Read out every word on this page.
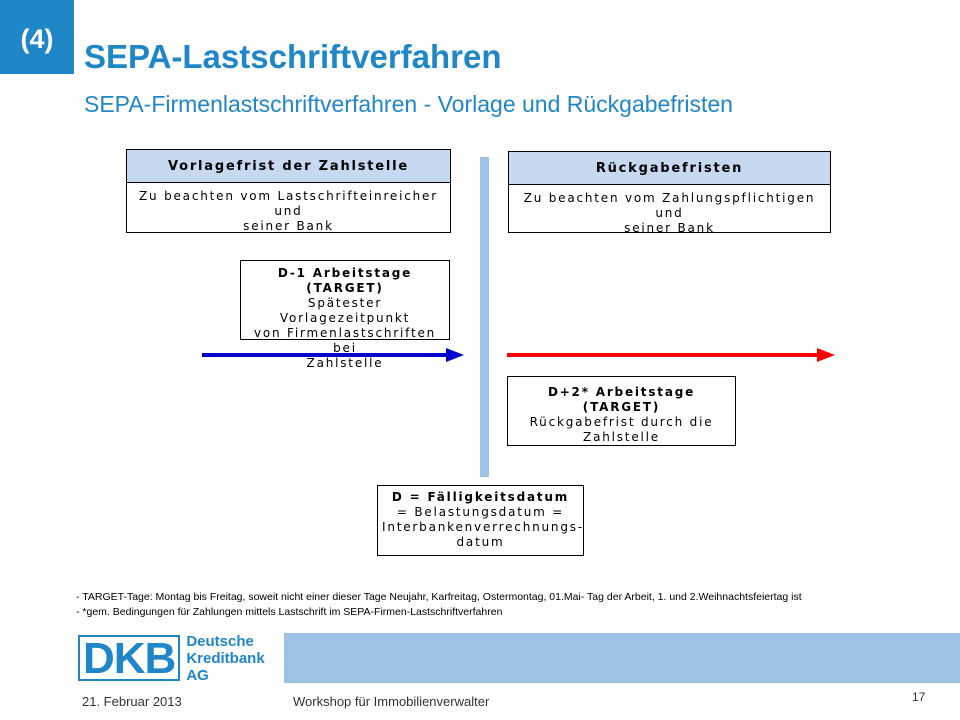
(4) SEPA-Lastschriftverfahren
SEPA-Firmenlastschriftverfahren - Vorlage und Rückgabefristen
Vorlagefrist der Zahlstelle
Zu beachten vom Lastschrifteinreicher und
seiner Bank
Rückgabefristen
Zu beachten vom Zahlungspflichtigen und
seiner Bank
D-1 Arbeitstage (TARGET)
Spätester Vorlagezeitpunkt
von Firmenlastschriften bei
Zahlstelle
D+2* Arbeitstage (TARGET)
Rückgabefrist durch die
Zahlstelle
D = Fälligkeitsdatum
= Belastungsdatum =
Interbankenverrechnungs-
datum
- TARGET-Tage: Montag bis Freitag, soweit nicht einer dieser Tage Neujahr, Karfreitag, Ostermontag, 01.Mai- Tag der Arbeit, 1. und 2.Weihnachtsfeiertag ist
- *gem. Bedingungen für Zahlungen mittels Lastschrift im SEPA-Firmen-Lastschriftverfahren
DKB Deutsche
Kreditbank AG
21. Februar 2013	Workshop für Immobilienverwalter	17
